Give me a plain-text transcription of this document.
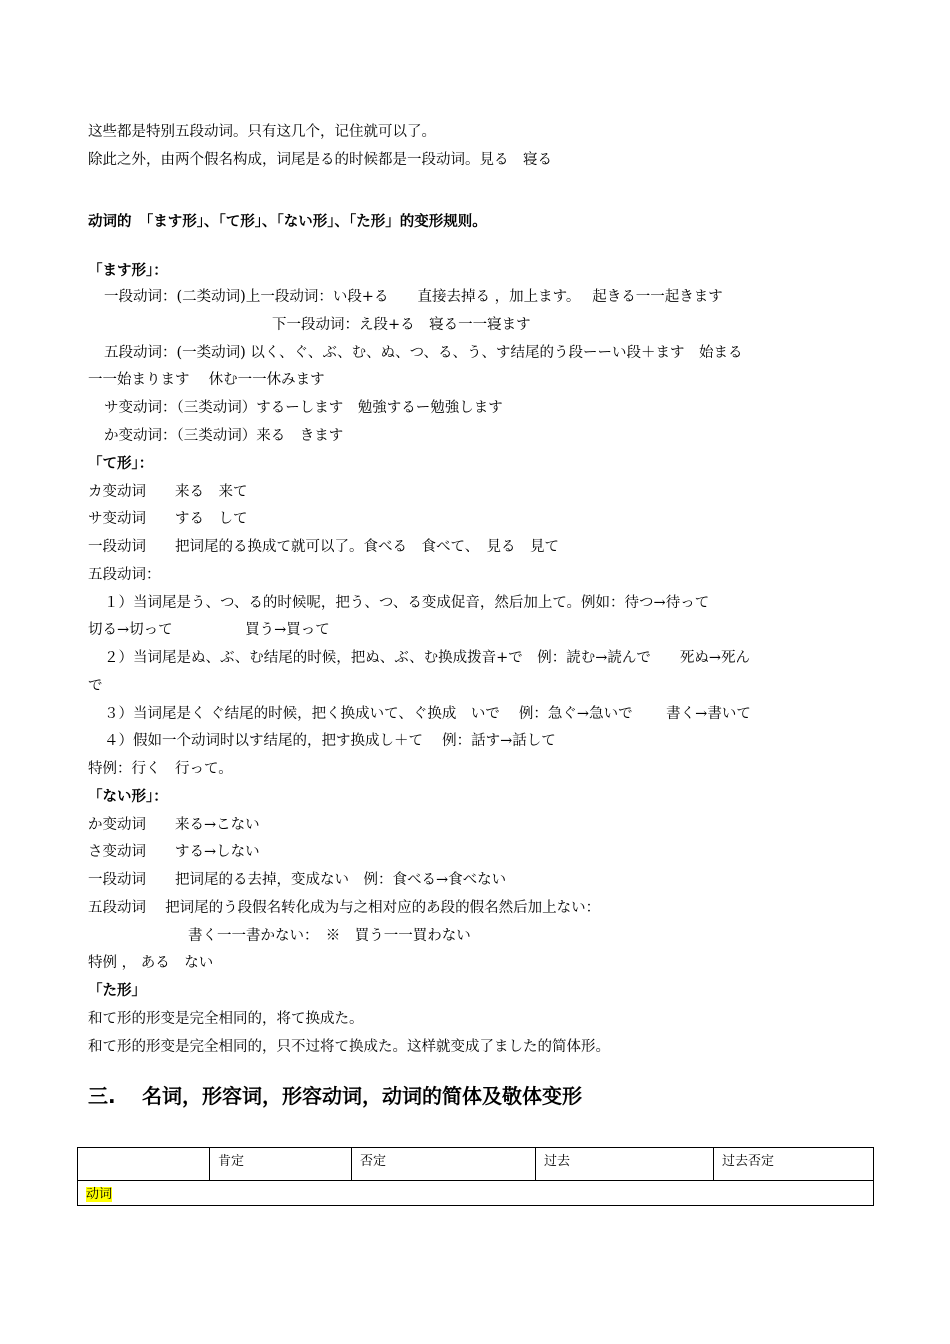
这些都是特别五段动词。只有这几个，记住就可以了。
除此之外，由两个假名构成，词尾是る的时候都是一段动词。見る　寝る
动词的　「ます形」、「て形」、「ない形」、「た形」的变形规则。
「ます形」：
一段动词：(二类动词)上一段动词：い段+る　　直接去掉る ，加上ます。　 起きる一一起きます
下一段动词：え段+る　寝る一一寝ます
五段动词：(一类动词) 以く、ぐ、ぶ、む、ぬ、つ、る、う、す结尾的う段ーーい段＋ます　始まる
一一始まります　 休む一一休みます
サ变动词：（三类动词）するーします　勉強するー勉強します
か变动词：（三类动词）来る　きます
「て形」：
カ变动词　　来る　来て
サ变动词　　する　して
一段动词　　把词尾的る换成て就可以了。食べる　食べて、　見る　見て
五段动词：
１）当词尾是う、つ、る的时候呢，把う、つ、る变成促音，然后加上て。例如：待つ→待って
切る→切って　　　　　買う→買って
２）当词尾是ぬ、ぶ、む结尾的时候，把ぬ、ぶ、む换成拨音+で　例：読む→読んで　　死ぬ→死ん
で
３）当词尾是く ぐ结尾的时候，把く换成いて、ぐ换成　いで　 例：急ぐ→急いで　　 書く→書いて
４）假如一个动词时以す结尾的，把す换成し＋て　 例：話す→話して
特例：行く　行って。
「ない形」：
か变动词　　来る→こない
さ变动词　　する→しない
一段动词　　把词尾的る去掉，变成ない　例：食べる→食べない
五段动词　 把词尾的う段假名转化成为与之相对应的あ段的假名然后加上ない：
書く一一書かない：　※　買う一一買わない
特例 ， ある　ない
「た形」
和て形的形变是完全相同的，将て换成た。
和て形的形变是完全相同的，只不过将て换成た。这样就变成了ました的简体形。
三. 名词，形容词，形容动词，动词的简体及敬体变形
	肯定	否定	过去	过去否定
动词
